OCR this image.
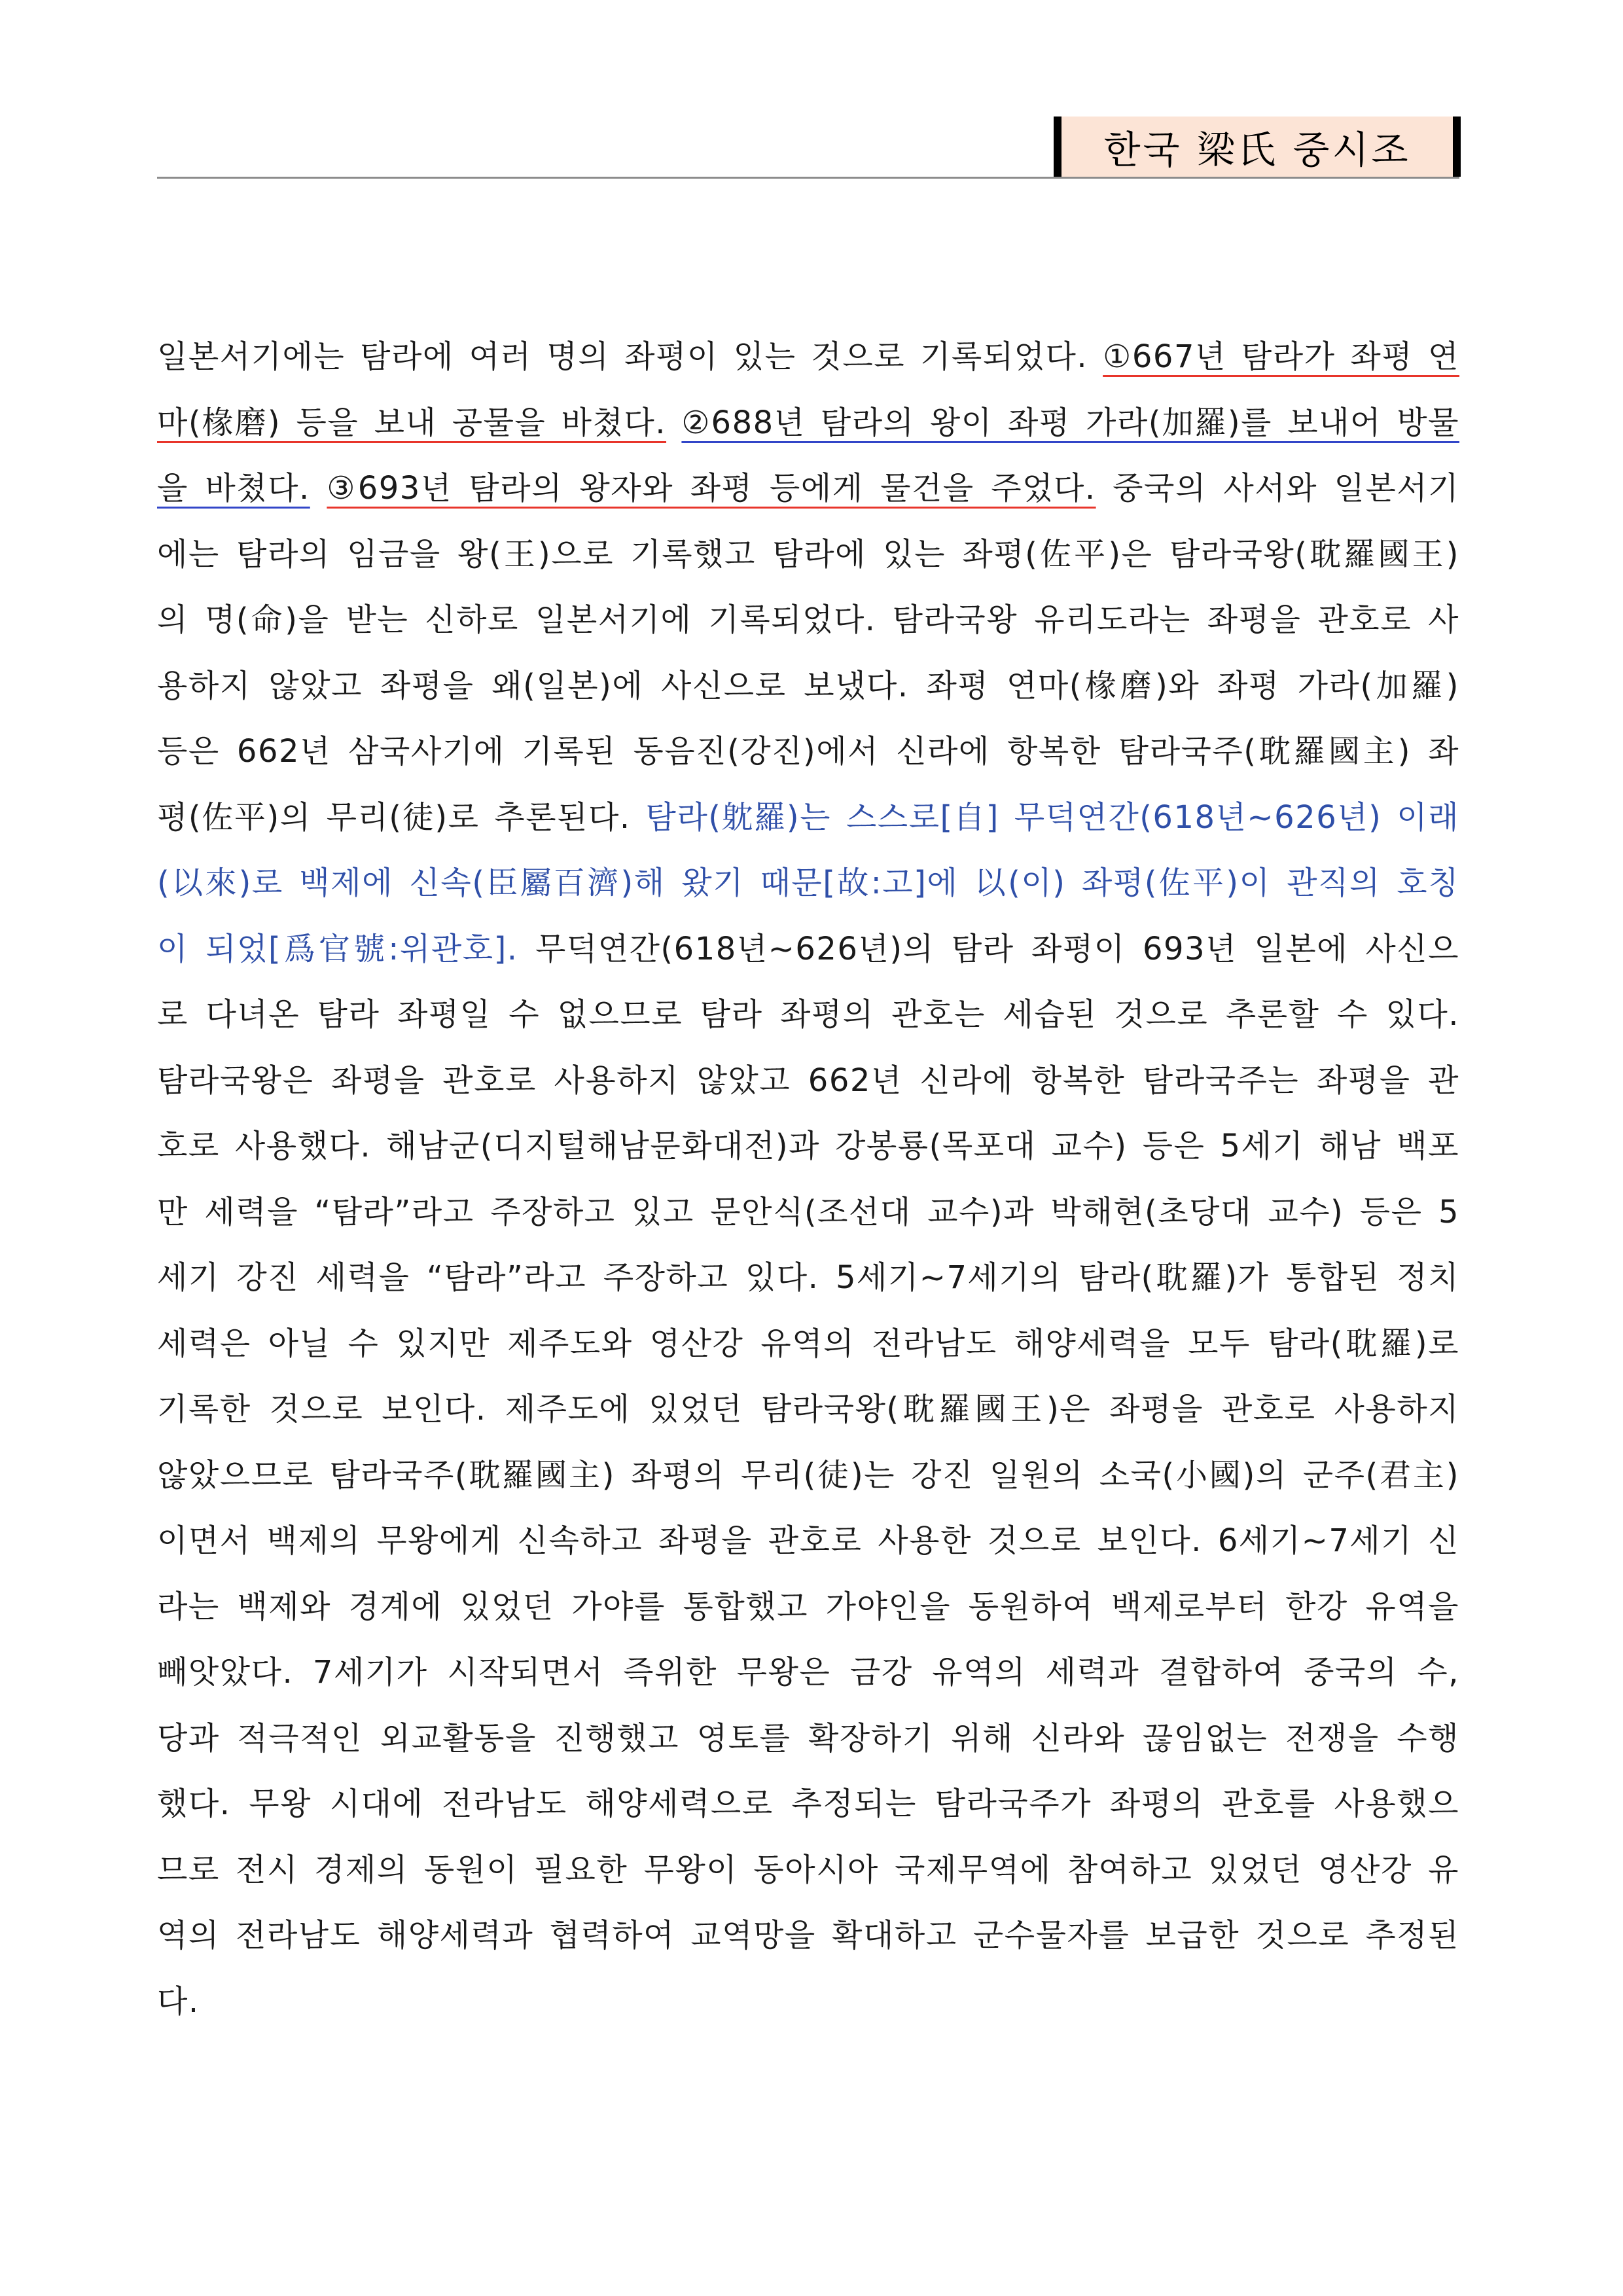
한국 梁氏 중시조

일본서기에는 탐라에 여러 명의 좌평이 있는 것으로 기록되었다. ①667년 탐라가 좌평 연마(椽磨) 등을 보내 공물을 바쳤다. ②688년 탐라의 왕이 좌평 가라(加羅)를 보내어 방물을 바쳤다. ③693년 탐라의 왕자와 좌평 등에게 물건을 주었다. 중국의 사서와 일본서기에는 탐라의 임금을 왕(王)으로 기록했고 탐라에 있는 좌평(佐平)은 탐라국왕(耽羅國王)의 명(命)을 받는 신하로 일본서기에 기록되었다. 탐라국왕 유리도라는 좌평을 관호로 사용하지 않았고 좌평을 왜(일본)에 사신으로 보냈다. 좌평 연마(椽磨)와 좌평 가라(加羅) 등은 662년 삼국사기에 기록된 동음진(강진)에서 신라에 항복한 탐라국주(耽羅國主) 좌평(佐平)의 무리(徒)로 추론된다. 탐라(躭羅)는 스스로[自] 무덕연간(618년~626년) 이래(以來)로 백제에 신속(臣屬百濟)해 왔기 때문[故:고]에 以(이) 좌평(佐平)이 관직의 호칭이 되었[爲官號:위관호]. 무덕연간(618년~626년)의 탐라 좌평이 693년 일본에 사신으로 다녀온 탐라 좌평일 수 없으므로 탐라 좌평의 관호는 세습된 것으로 추론할 수 있다. 탐라국왕은 좌평을 관호로 사용하지 않았고 662년 신라에 항복한 탐라국주는 좌평을 관호로 사용했다. 해남군(디지털해남문화대전)과 강봉룡(목포대 교수) 등은 5세기 해남 백포만 세력을 “탐라”라고 주장하고 있고 문안식(조선대 교수)과 박해현(초당대 교수) 등은 5세기 강진 세력을 “탐라”라고 주장하고 있다. 5세기~7세기의 탐라(耽羅)가 통합된 정치세력은 아닐 수 있지만 제주도와 영산강 유역의 전라남도 해양세력을 모두 탐라(耽羅)로 기록한 것으로 보인다. 제주도에 있었던 탐라국왕(耽羅國王)은 좌평을 관호로 사용하지 않았으므로 탐라국주(耽羅國主) 좌평의 무리(徒)는 강진 일원의 소국(小國)의 군주(君主)이면서 백제의 무왕에게 신속하고 좌평을 관호로 사용한 것으로 보인다. 6세기~7세기 신라는 백제와 경계에 있었던 가야를 통합했고 가야인을 동원하여 백제로부터 한강 유역을 빼앗았다. 7세기가 시작되면서 즉위한 무왕은 금강 유역의 세력과 결합하여 중국의 수, 당과 적극적인 외교활동을 진행했고 영토를 확장하기 위해 신라와 끊임없는 전쟁을 수행했다. 무왕 시대에 전라남도 해양세력으로 추정되는 탐라국주가 좌평의 관호를 사용했으므로 전시 경제의 동원이 필요한 무왕이 동아시아 국제무역에 참여하고 있었던 영산강 유역의 전라남도 해양세력과 협력하여 교역망을 확대하고 군수물자를 보급한 것으로 추정된다.
